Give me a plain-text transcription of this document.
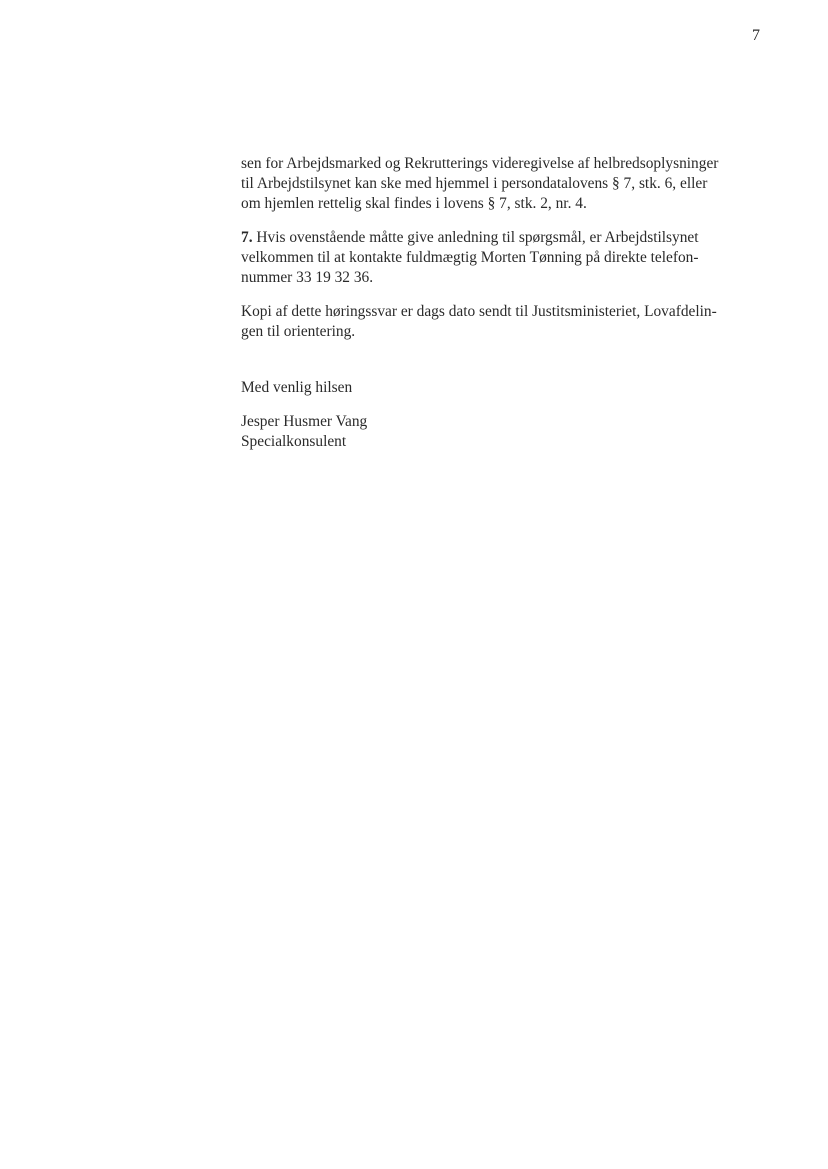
7

sen for Arbejdsmarked og Rekrutterings videregivelse af helbredsoplysninger
til Arbejdstilsynet kan ske med hjemmel i persondatalovens § 7, stk. 6, eller
om hjemlen rettelig skal findes i lovens § 7, stk. 2, nr. 4.

7. Hvis ovenstående måtte give anledning til spørgsmål, er Arbejdstilsynet
velkommen til at kontakte fuldmægtig Morten Tønning på direkte telefon-
nummer 33 19 32 36.

Kopi af dette høringssvar er dags dato sendt til Justitsministeriet, Lovafdelin-
gen til orientering.

Med venlig hilsen

Jesper Husmer Vang
Specialkonsulent
